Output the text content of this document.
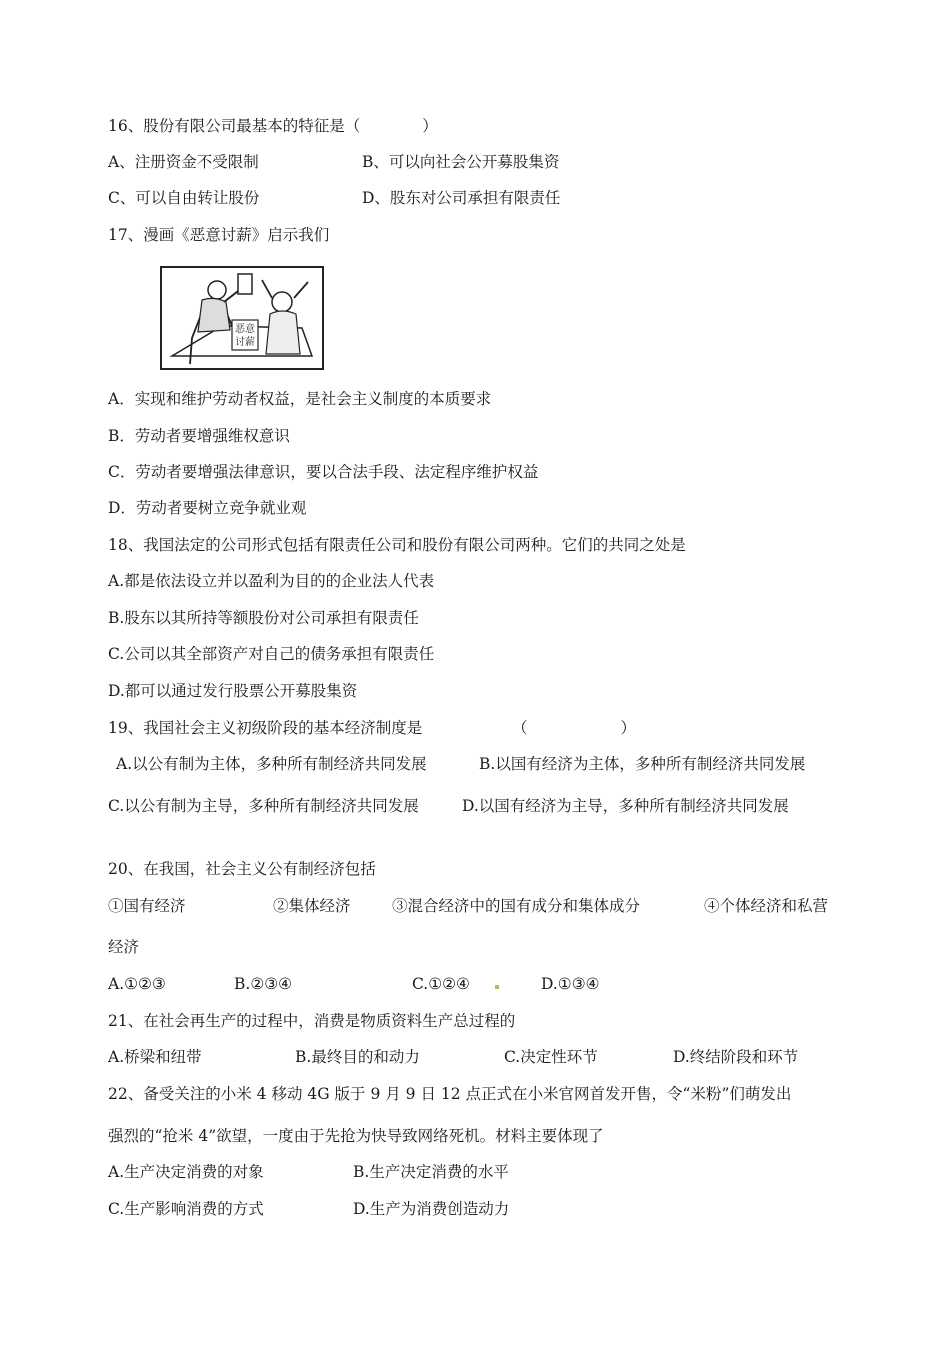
16、股份有限公司最基本的特征是（　　　　）
A、注册资金不受限制	B、可以向社会公开募股集资
C、可以自由转让股份	D、股东对公司承担有限责任
17、漫画《恶意讨薪》启示我们
恶意
讨薪
A．实现和维护劳动者权益，是社会主义制度的本质要求
B．劳动者要增强维权意识
C．劳动者要增强法律意识，要以合法手段、法定程序维护权益
D．劳动者要树立竞争就业观
18、我国法定的公司形式包括有限责任公司和股份有限公司两种。它们的共同之处是
A.都是依法设立并以盈利为目的的企业法人代表
B.股东以其所持等额股份对公司承担有限责任
C.公司以其全部资产对自己的债务承担有限责任
D.都可以通过发行股票公开募股集资
19、我国社会主义初级阶段的基本经济制度是	（　　　　　　）
A.以公有制为主体，多种所有制经济共同发展	B.以国有经济为主体，多种所有制经济共同发展
C.以公有制为主导，多种所有制经济共同发展	D.以国有经济为主导，多种所有制经济共同发展
20、在我国，社会主义公有制经济包括
①国有经济	②集体经济	③混合经济中的国有成分和集体成分	④个体经济和私营
经济
A.①②③	B.②③④	C.①②④	D.①③④
21、在社会再生产的过程中，消费是物质资料生产总过程的
A.桥梁和纽带	B.最终目的和动力	C.决定性环节	D.终结阶段和环节
22、备受关注的小米 4 移动 4G 版于 9 月 9 日 12 点正式在小米官网首发开售，令“米粉”们萌发出
强烈的“抢米 4”欲望，一度由于先抢为快导致网络死机。材料主要体现了
A.生产决定消费的对象	B.生产决定消费的水平
C.生产影响消费的方式	D.生产为消费创造动力
